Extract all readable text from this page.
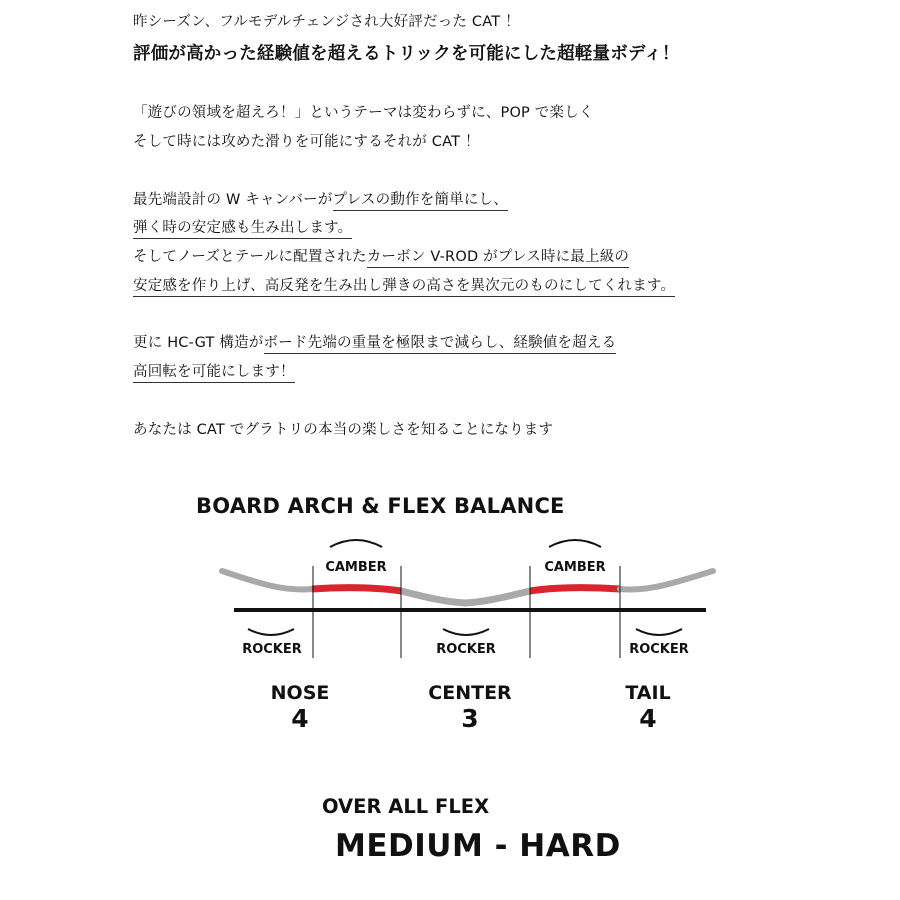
昨シーズン、フルモデルチェンジされ大好評だった CAT ！
評価が高かった経験値を超えるトリックを可能にした超軽量ボディ！
「遊びの領域を超えろ！」というテーマは変わらずに、POP で楽しく
そして時には攻めた滑りを可能にするそれが CAT ！
最先端設計の W キャンバーがプレスの動作を簡単にし、
弾く時の安定感も生み出します。
そしてノーズとテールに配置されたカーボン V-ROD がプレス時に最上級の
安定感を作り上げ、高反発を生み出し弾きの高さを異次元のものにしてくれます。
更に HC-GT 構造がボード先端の重量を極限まで減らし、経験値を超える
高回転を可能にします！
あなたは CAT でグラトリの本当の楽しさを知ることになります
BOARD ARCH & FLEX BALANCE
CAMBER	CAMBER
ROCKER	ROCKER	ROCKER
NOSE
4
CENTER
3
TAIL
4
OVER ALL FLEX
MEDIUM - HARD
